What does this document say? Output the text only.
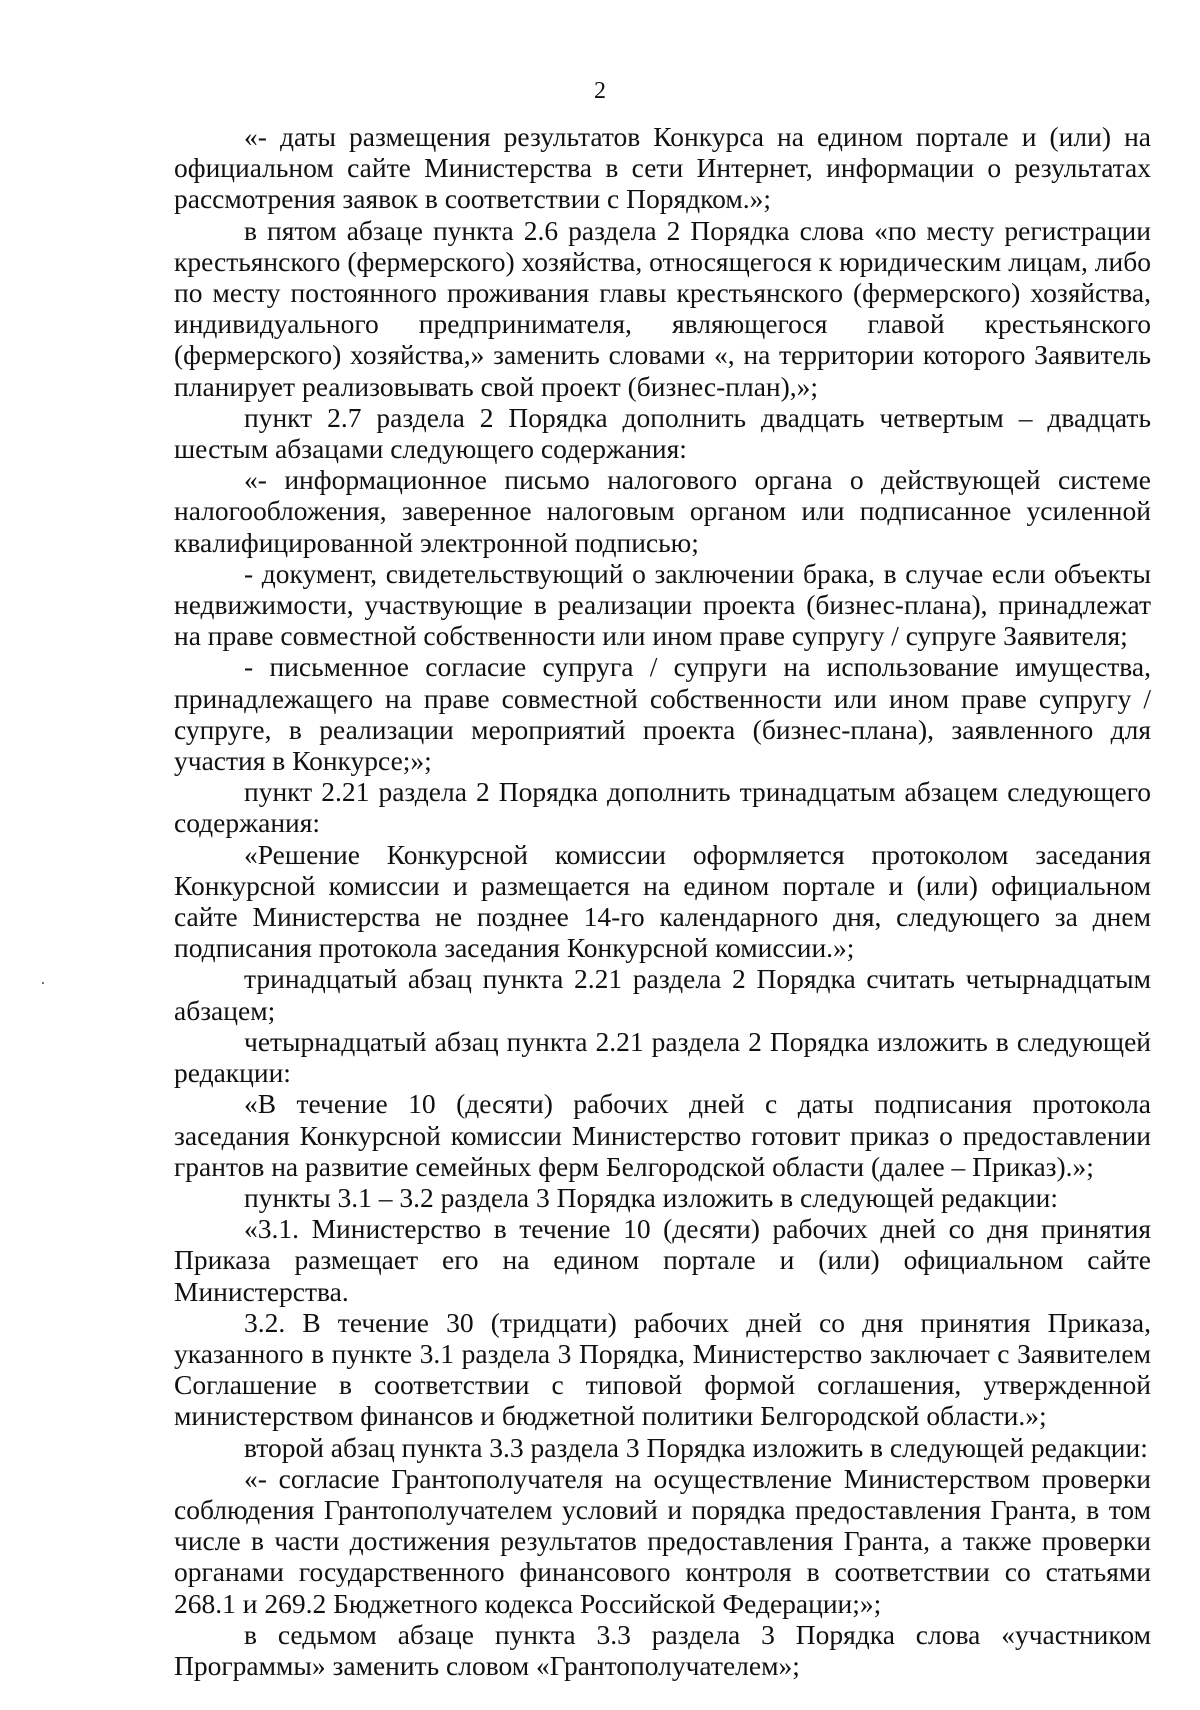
2

«- даты размещения результатов Конкурса на едином портале и (или) на официальном сайте Министерства в сети Интернет, информации о результатах рассмотрения заявок в соответствии с Порядком.»;

в пятом абзаце пункта 2.6 раздела 2 Порядка слова «по месту регистрации крестьянского (фермерского) хозяйства, относящегося к юридическим лицам, либо по месту постоянного проживания главы крестьянского (фермерского) хозяйства, индивидуального предпринимателя, являющегося главой крестьянского (фермерского) хозяйства,» заменить словами «, на территории которого Заявитель планирует реализовывать свой проект (бизнес-план),»;

пункт 2.7 раздела 2 Порядка дополнить двадцать четвертым – двадцать шестым абзацами следующего содержания:

«- информационное письмо налогового органа о действующей системе налогообложения, заверенное налоговым органом или подписанное усиленной квалифицированной электронной подписью;

- документ, свидетельствующий о заключении брака, в случае если объекты недвижимости, участвующие в реализации проекта (бизнес-плана), принадлежат на праве совместной собственности или ином праве супругу / супруге Заявителя;

- письменное согласие супруга / супруги на использование имущества, принадлежащего на праве совместной собственности или ином праве супругу / супруге, в реализации мероприятий проекта (бизнес-плана), заявленного для участия в Конкурсе;»;

пункт 2.21 раздела 2 Порядка дополнить тринадцатым абзацем следующего содержания:

«Решение Конкурсной комиссии оформляется протоколом заседания Конкурсной комиссии и размещается на едином портале и (или) официальном сайте Министерства не позднее 14-го календарного дня, следующего за днем подписания протокола заседания Конкурсной комиссии.»;

тринадцатый абзац пункта 2.21 раздела 2 Порядка считать четырнадцатым абзацем;

четырнадцатый абзац пункта 2.21 раздела 2 Порядка изложить в следующей редакции:

«В течение 10 (десяти) рабочих дней с даты подписания протокола заседания Конкурсной комиссии Министерство готовит приказ о предоставлении грантов на развитие семейных ферм Белгородской области (далее – Приказ).»;

пункты 3.1 – 3.2 раздела 3 Порядка изложить в следующей редакции:

«3.1. Министерство в течение 10 (десяти) рабочих дней со дня принятия Приказа размещает его на едином портале и (или) официальном сайте Министерства.

3.2. В течение 30 (тридцати) рабочих дней со дня принятия Приказа, указанного в пункте 3.1 раздела 3 Порядка, Министерство заключает с Заявителем Соглашение в соответствии с типовой формой соглашения, утвержденной министерством финансов и бюджетной политики Белгородской области.»;

второй абзац пункта 3.3 раздела 3 Порядка изложить в следующей редакции:

«- согласие Грантополучателя на осуществление Министерством проверки соблюдения Грантополучателем условий и порядка предоставления Гранта, в том числе в части достижения результатов предоставления Гранта, а также проверки органами государственного финансового контроля в соответствии со статьями 268.1 и 269.2 Бюджетного кодекса Российской Федерации;»;

в седьмом абзаце пункта 3.3 раздела 3 Порядка слова «участником Программы» заменить словом «Грантополучателем»;
